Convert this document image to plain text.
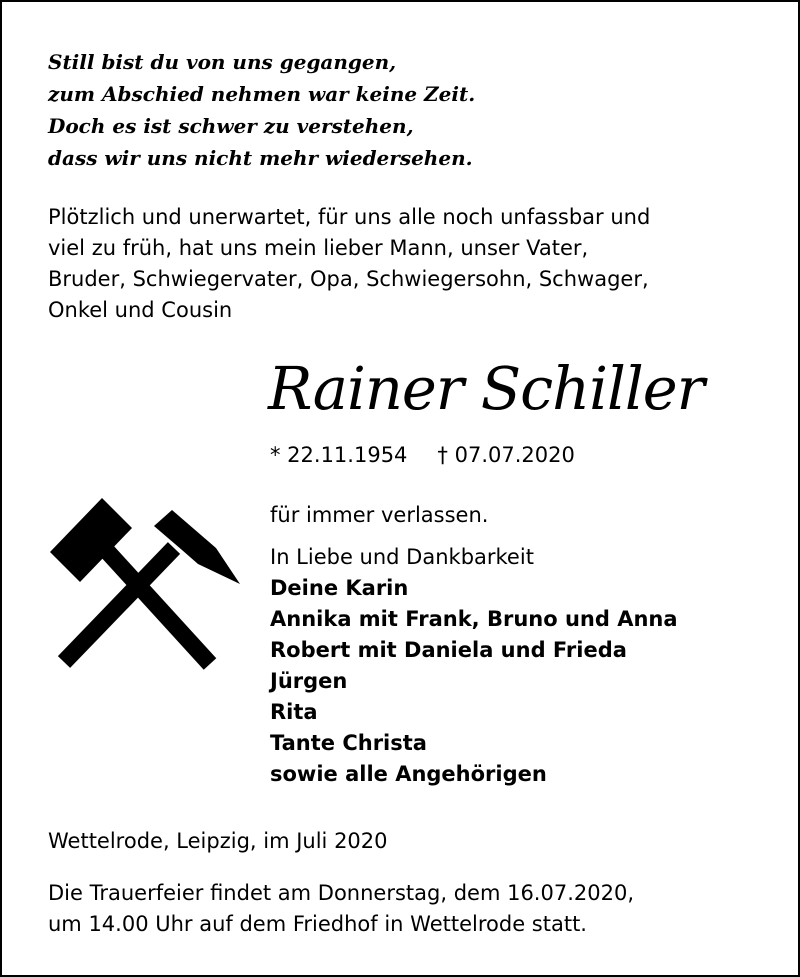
Still bist du von uns gegangen,
zum Abschied nehmen war keine Zeit.
Doch es ist schwer zu verstehen,
dass wir uns nicht mehr wiedersehen.
Plötzlich und unerwartet, für uns alle noch unfassbar und
viel zu früh, hat uns mein lieber Mann, unser Vater,
Bruder, Schwiegervater, Opa, Schwiegersohn, Schwager,
Onkel und Cousin
Rainer Schiller
* 22.11.1954 † 07.07.2020
für immer verlassen.
In Liebe und Dankbarkeit
Deine Karin
Annika mit Frank, Bruno und Anna
Robert mit Daniela und Frieda
Jürgen
Rita
Tante Christa
sowie alle Angehörigen
Wettelrode, Leipzig, im Juli 2020
Die Trauerfeier findet am Donnerstag, dem 16.07.2020,
um 14.00 Uhr auf dem Friedhof in Wettelrode statt.
